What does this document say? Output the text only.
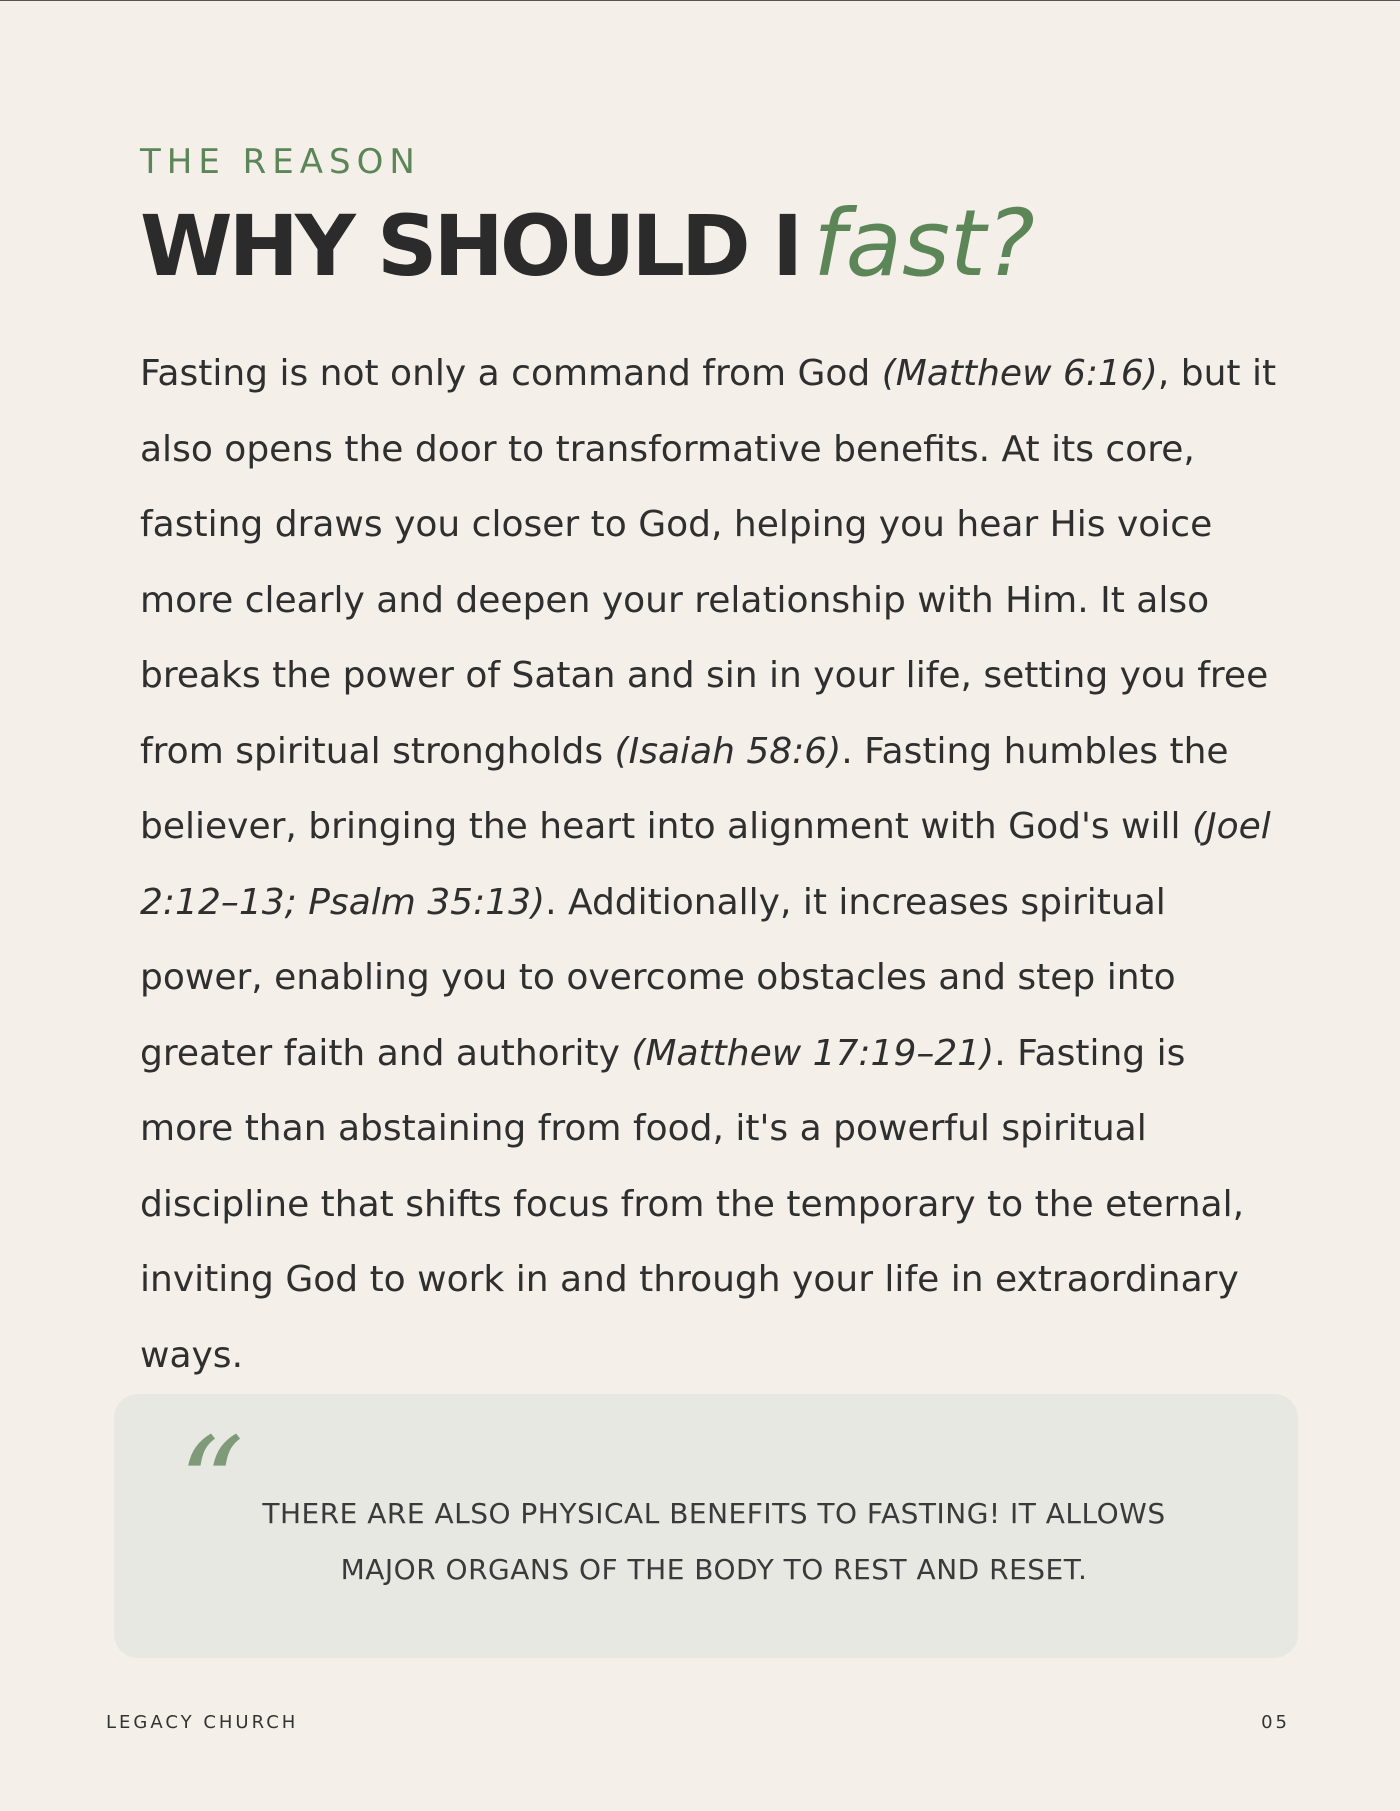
THE REASON

WHY SHOULD I fast?

Fasting is not only a command from God (Matthew 6:16), but it also opens the door to transformative benefits. At its core, fasting draws you closer to God, helping you hear His voice more clearly and deepen your relationship with Him. It also breaks the power of Satan and sin in your life, setting you free from spiritual strongholds (Isaiah 58:6). Fasting humbles the believer, bringing the heart into alignment with God's will (Joel 2:12–13; Psalm 35:13). Additionally, it increases spiritual power, enabling you to overcome obstacles and step into greater faith and authority (Matthew 17:19–21). Fasting is more than abstaining from food, it's a powerful spiritual discipline that shifts focus from the temporary to the eternal, inviting God to work in and through your life in extraordinary ways.

“ THERE ARE ALSO PHYSICAL BENEFITS TO FASTING! IT ALLOWS MAJOR ORGANS OF THE BODY TO REST AND RESET.
LEGACY CHURCH	05
